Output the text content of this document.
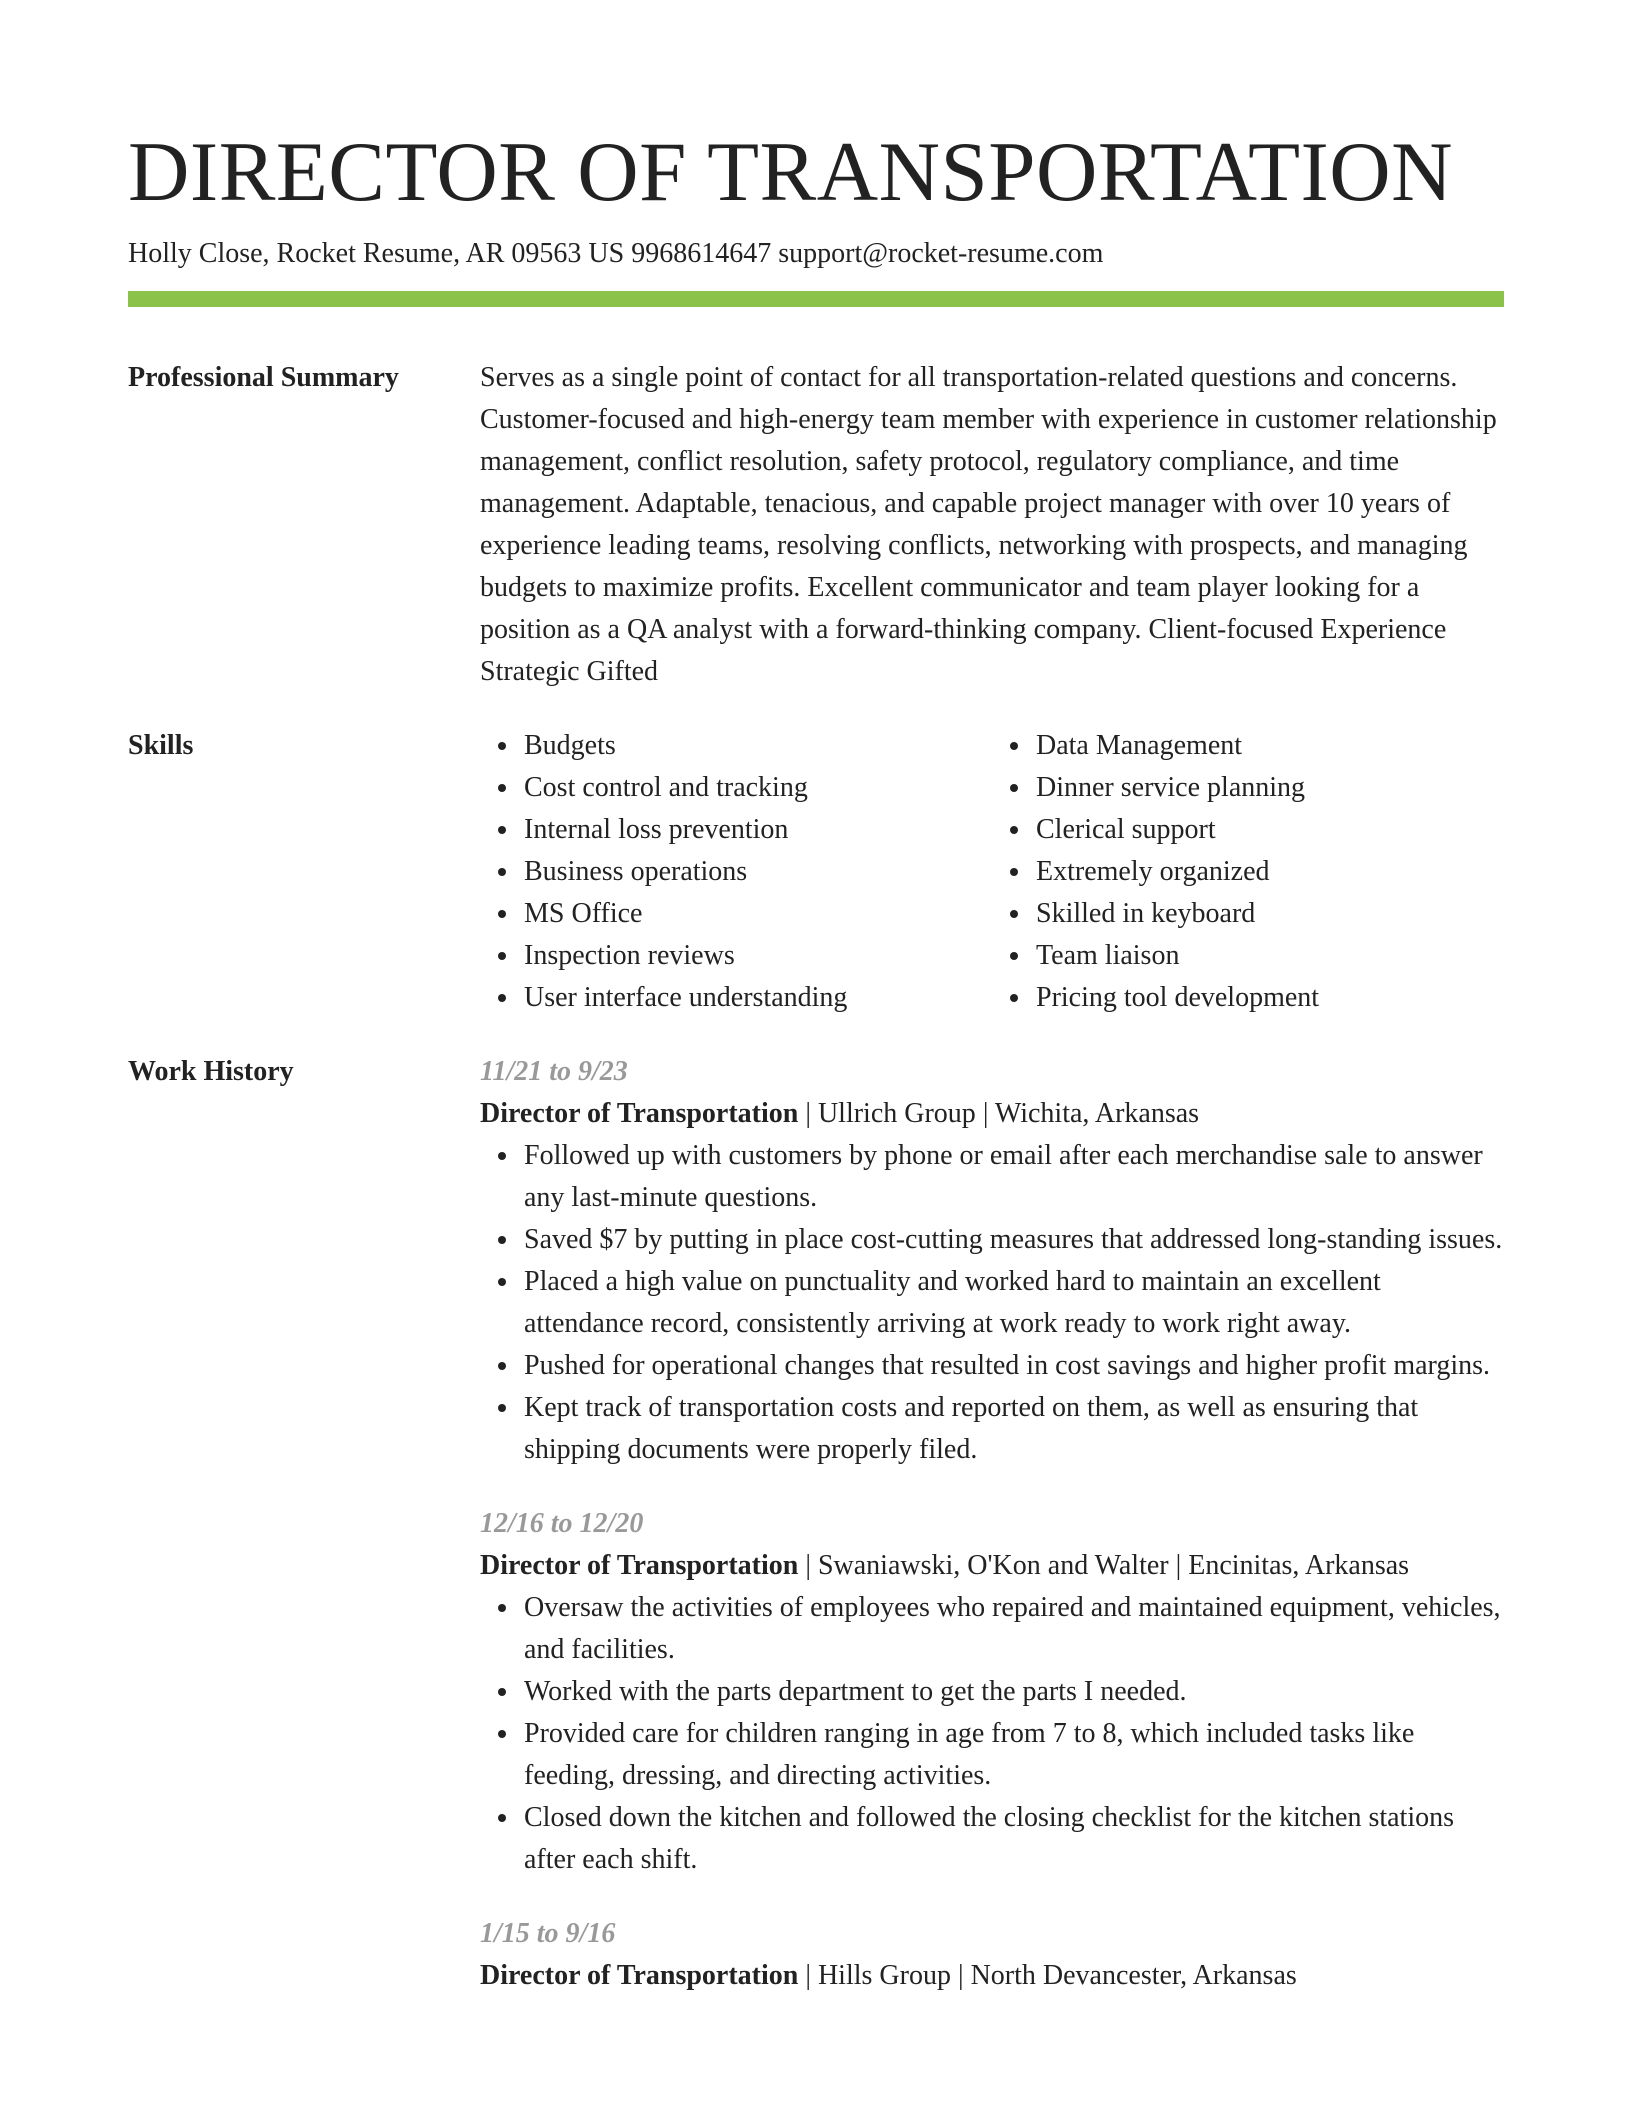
DIRECTOR OF TRANSPORTATION
Holly Close, Rocket Resume, AR 09563 US 9968614647 support@rocket-resume.com
Professional Summary	Serves as a single point of contact for all transportation-related questions and concerns. Customer-focused and high-energy team member with experience in customer relationship management, conflict resolution, safety protocol, regulatory compliance, and time management. Adaptable, tenacious, and capable project manager with over 10 years of experience leading teams, resolving conflicts, networking with prospects, and managing budgets to maximize profits. Excellent communicator and team player looking for a position as a QA analyst with a forward-thinking company. Client-focused Experience Strategic Gifted

Skills	Budgets
Cost control and tracking
Internal loss prevention
Business operations
MS Office
Inspection reviews
User interface understanding
Data Management
Dinner service planning
Clerical support
Extremely organized
Skilled in keyboard
Team liaison
Pricing tool development
Work History	11/21 to 9/23
Director of Transportation | Ullrich Group | Wichita, Arkansas
Followed up with customers by phone or email after each merchandise sale to answer any last-minute questions.
Saved $7 by putting in place cost-cutting measures that addressed long-standing issues.
Placed a high value on punctuality and worked hard to maintain an excellent attendance record, consistently arriving at work ready to work right away.
Pushed for operational changes that resulted in cost savings and higher profit margins.
Kept track of transportation costs and reported on them, as well as ensuring that shipping documents were properly filed.
12/16 to 12/20
Director of Transportation | Swaniawski, O'Kon and Walter | Encinitas, Arkansas
Oversaw the activities of employees who repaired and maintained equipment, vehicles, and facilities.
Worked with the parts department to get the parts I needed.
Provided care for children ranging in age from 7 to 8, which included tasks like feeding, dressing, and directing activities.
Closed down the kitchen and followed the closing checklist for the kitchen stations after each shift.
1/15 to 9/16
Director of Transportation | Hills Group | North Devancester, Arkansas
